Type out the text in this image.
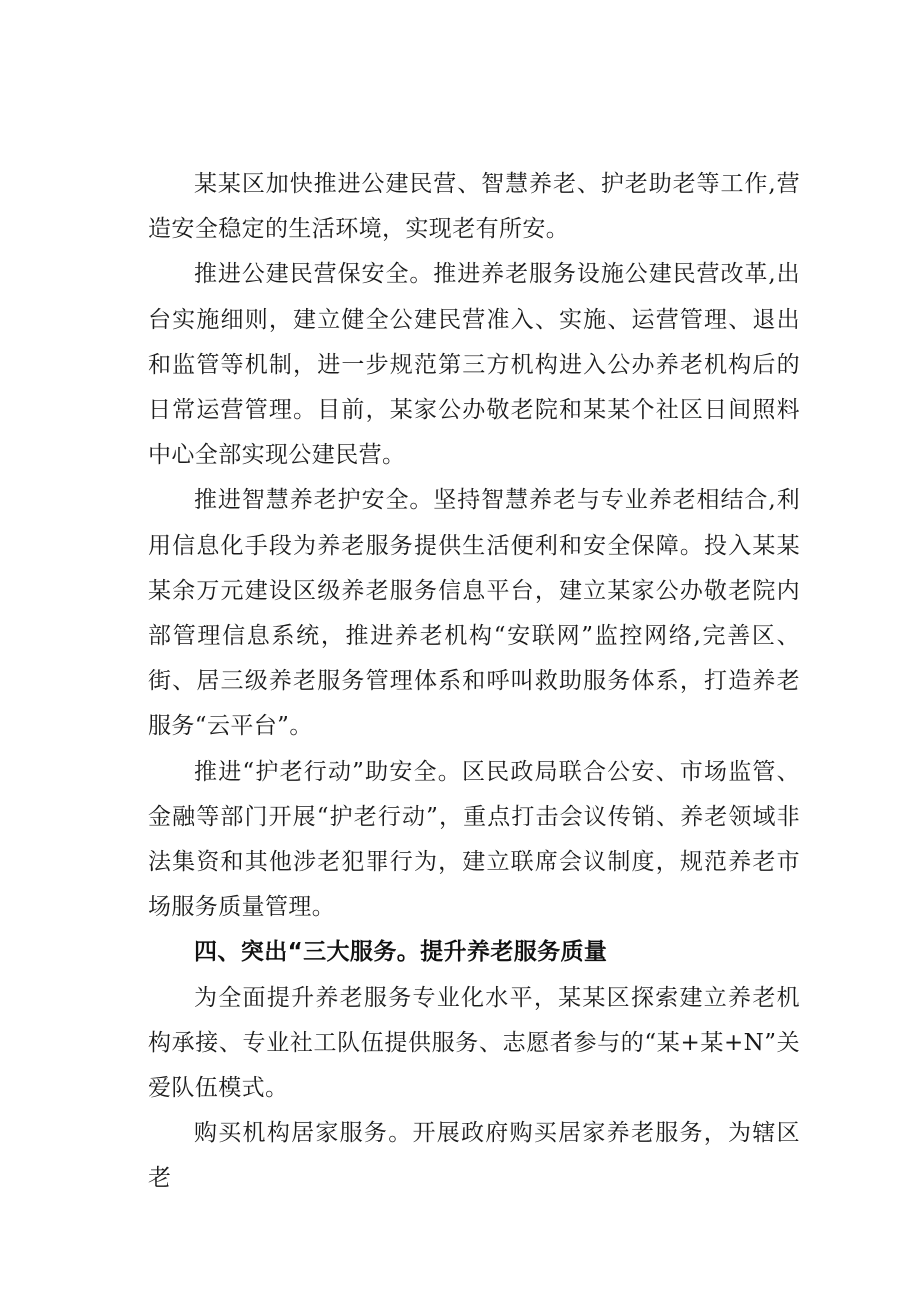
某某区加快推进公建民营、智慧养老、护老助老等工作,营造安全稳定的生活环境，实现老有所安。

推进公建民营保安全。推进养老服务设施公建民营改革,出台实施细则，建立健全公建民营准入、实施、运营管理、退出和监管等机制，进一步规范第三方机构进入公办养老机构后的日常运营管理。目前，某家公办敬老院和某某个社区日间照料中心全部实现公建民营。

推进智慧养老护安全。坚持智慧养老与专业养老相结合,利用信息化手段为养老服务提供生活便利和安全保障。投入某某某余万元建设区级养老服务信息平台，建立某家公办敬老院内部管理信息系统，推进养老机构“安联网”监控网络,完善区、街、居三级养老服务管理体系和呼叫救助服务体系，打造养老服务“云平台”。

推进“护老行动”助安全。区民政局联合公安、市场监管、金融等部门开展“护老行动”，重点打击会议传销、养老领域非法集资和其他涉老犯罪行为，建立联席会议制度，规范养老市场服务质量管理。

四、突出“三大服务。提升养老服务质量

为全面提升养老服务专业化水平，某某区探索建立养老机构承接、专业社工队伍提供服务、志愿者参与的“某+某+N”关爱队伍模式。

购买机构居家服务。开展政府购买居家养老服务，为辖区老
